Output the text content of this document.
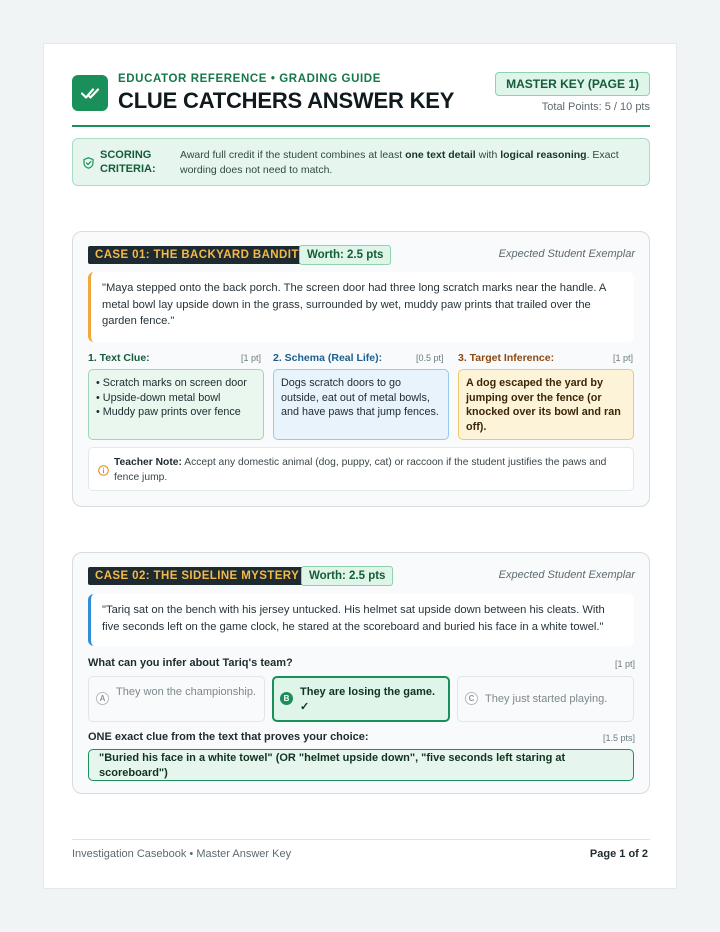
EDUCATOR REFERENCE • GRADING GUIDE
CLUE CATCHERS ANSWER KEY
MASTER KEY (PAGE 1)
Total Points: 5 / 10 pts
SCORING CRITERIA:
Award full credit if the student combines at least one text detail with logical reasoning. Exact wording does not need to match.
CASE 01: THE BACKYARD BANDIT Worth: 2.5 pts	Expected Student Exemplar
"Maya stepped onto the back porch. The screen door had three long scratch marks near the handle. A metal bowl lay upside down in the grass, surrounded by wet, muddy paw prints that trailed over the garden fence."
1. Text Clue:	[1 pt] 2. Schema (Real Life):	[0.5 pt] 3. Target Inference:	[1 pt]
• Scratch marks on screen door
• Upside-down metal bowl
• Muddy paw prints over fence
Dogs scratch doors to go outside, eat out of metal bowls, and have paws that jump fences.
A dog escaped the yard by jumping over the fence (or knocked over its bowl and ran off).
Teacher Note: Accept any domestic animal (dog, puppy, cat) or raccoon if the student justifies the paws and fence jump.
CASE 02: THE SIDELINE MYSTERY Worth: 2.5 pts	Expected Student Exemplar
"Tariq sat on the bench with his jersey untucked. His helmet sat upside down between his cleats. With five seconds left on the game clock, he stared at the scoreboard and buried his face in a white towel."
What can you infer about Tariq's team?	[1 pt]
A
They won the championship.
B
They are losing the game. ✓
C They just started playing.
ONE exact clue from the text that proves your choice:	[1.5 pts]
"Buried his face in a white towel" (OR "helmet upside down", "five seconds left staring at scoreboard")
Investigation Casebook • Master Answer Key	Page 1 of 2
